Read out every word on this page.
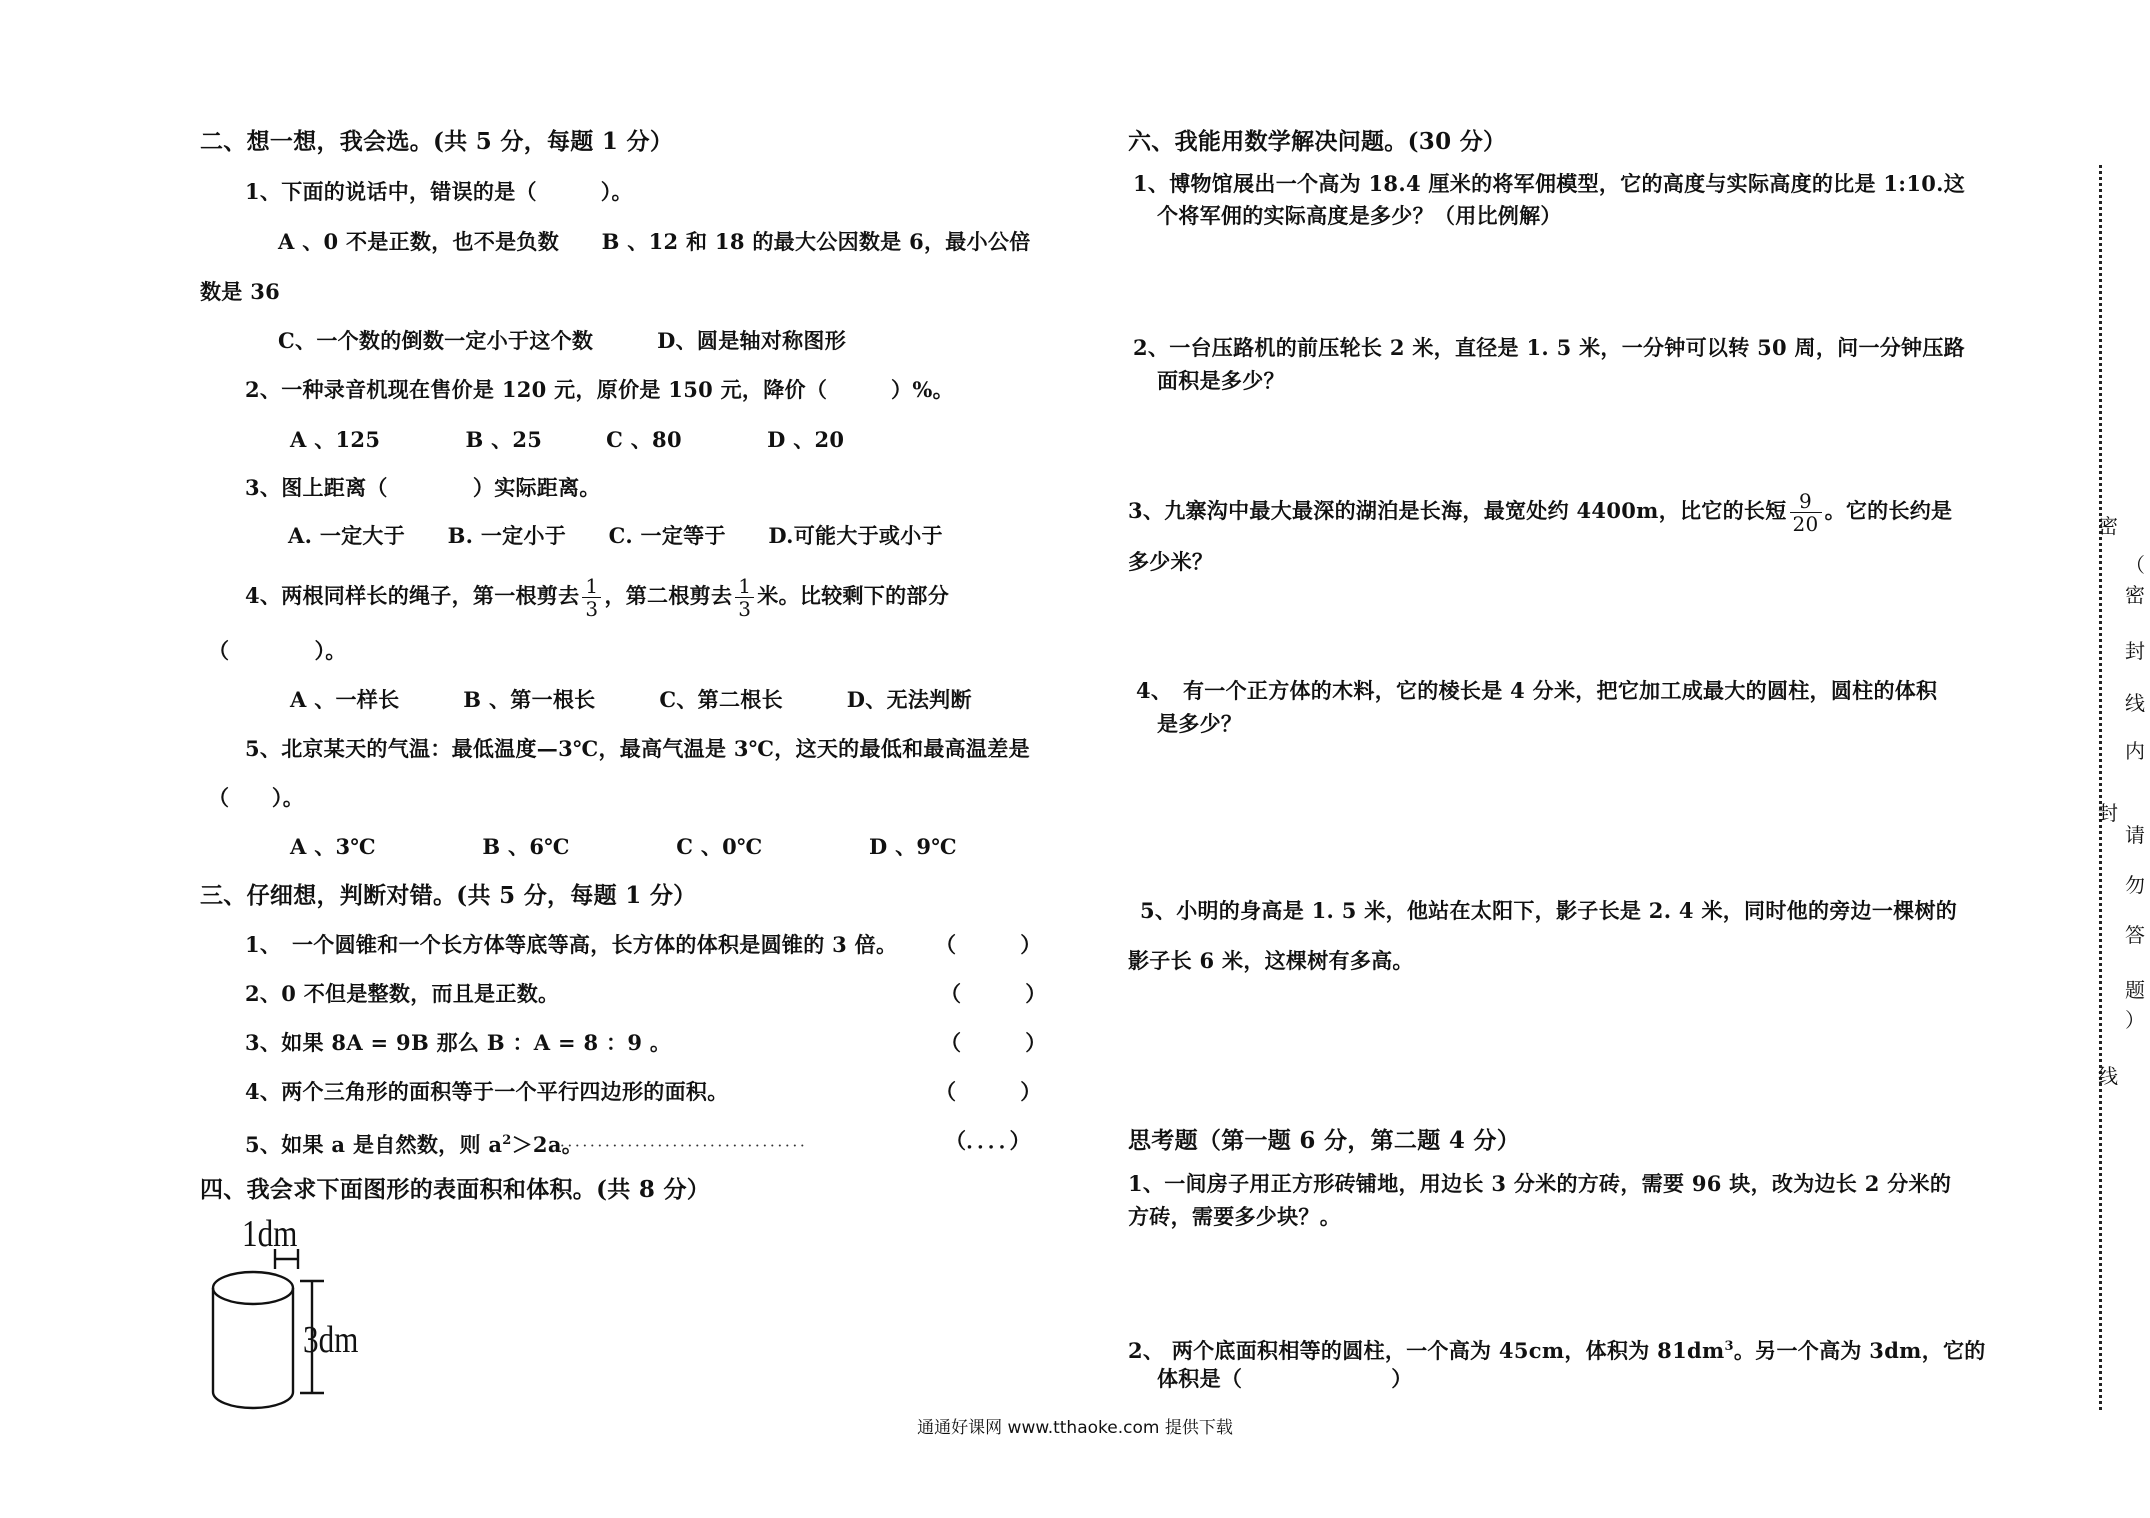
二、想一想，我会选。(共 5 分，每题 1 分）
1、下面的说话中，错误的是（　　　）。
A 、0 不是正数，也不是负数　　B 、12 和 18 的最大公因数是 6，最小公倍
数是 36
C、一个数的倒数一定小于这个数　　　D、圆是轴对称图形
2、一种录音机现在售价是 120 元，原价是 150 元，降价（　　　）%。
A 、125　　　　B 、25　　　C 、80　　　　D 、20
3、图上距离（　　　　）实际距离。
A. 一定大于　　B. 一定小于　　C. 一定等于　　D.可能大于或小于
4、两根同样长的绳子，第一根剪去 $\frac{1}{3}$ ，第二根剪去 $\frac{1}{3}$ 米。比较剩下的部分
（　　　　）。
A 、一样长　　　B 、第一根长　　　C、第二根长　　　D、无法判断
5、北京某天的气温：最低温度—3℃，最高气温是 3℃，这天的最低和最高温差是
（　　）。
A 、3℃　　　　　B 、6℃　　　　　C 、0℃　　　　　D 、9℃
三、仔细想，判断对错。(共 5 分，每题 1 分）
1、　一个圆锥和一个长方体等底等高，长方体的体积是圆锥的 3 倍。 （　　　）
2、0 不但是整数，而且是正数。	（　　　）
3、如果 8A = 9B 那么 B ：A = 8 ：9 。	（　　　）
4、两个三角形的面积等于一个平行四边形的面积。	（　　　）
5、如果 a 是自然数，则 $a^2>2a$。
．．．．．．．．．．．．．．．．．．．．．．．．．．．．．．．．．	（．．．．）
四、我会求下面图形的表面积和体积。(共 8 分）
1dm
3dm
六、我能用数学解决问题。(30 分）
1、博物馆展出一个高为 18.4 厘米的将军佣模型，它的高度与实际高度的比是 1:10.这
个将军佣的实际高度是多少？（用比例解）
2、一台压路机的前压轮长 2 米，直径是 1. 5 米，一分钟可以转 50 周，问一分钟压路
面积是多少？
3、九寨沟中最大最深的湖泊是长海，最宽处约 4400m，比它的长短 $\frac{9}{20}$ 。它的长约是
多少米？
4、　有一个正方体的木料，它的棱长是 4 分米，把它加工成最大的圆柱，圆柱的体积
是多少？
5、小明的身高是 1. 5 米，他站在太阳下，影子长是 2. 4 米，同时他的旁边一棵树的
影子长 6 米，这棵树有多高。
思考题（第一题 6 分，第二题 4 分）
1、一间房子用正方形砖铺地，用边长 3 分米的方砖，需要 96 块，改为边长 2 分米的
方砖，需要多少块？。
2、 两个底面积相等的圆柱，一个高为 45cm，体积为 $81dm^3$。另一个高为 3dm，它的
体积是（　　　　　　　）
密
（
密
封
线
内
封
请
勿
答
题
）
线
通通好课网 www.tthaoke.com 提供下载
